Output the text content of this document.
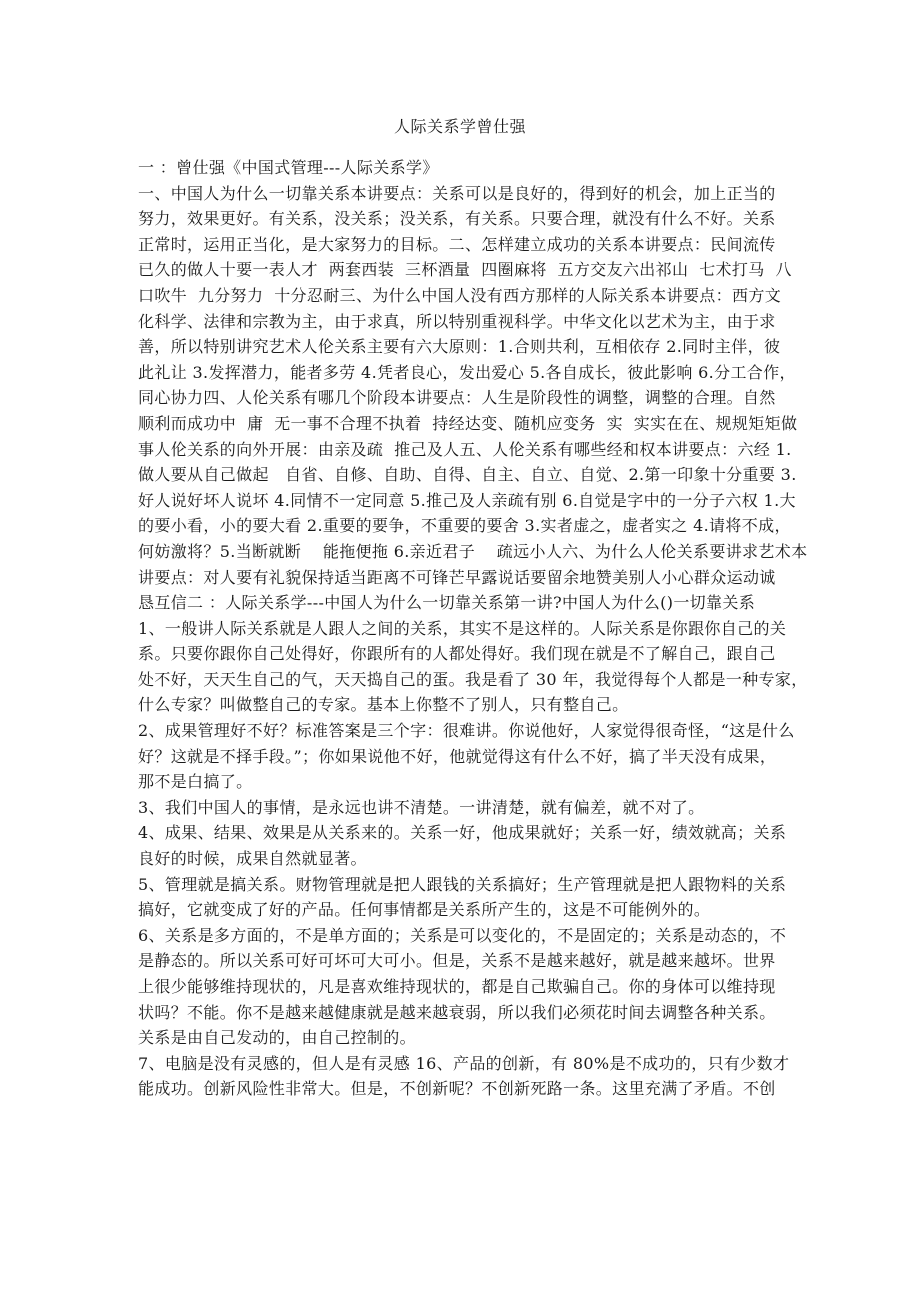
人际关系学曾仕强
一 ：曾仕强《中国式管理---人际关系学》
一、中国人为什么一切靠关系本讲要点：关系可以是良好的，得到好的机会，加上正当的
努力，效果更好。有关系，没关系；没关系，有关系。只要合理，就没有什么不好。关系
正常时，运用正当化，是大家努力的目标。二、怎样建立成功的关系本讲要点：民间流传
已久的做人十要一表人才  两套西装  三杯酒量  四圈麻将  五方交友六出祁山  七术打马  八
口吹牛  九分努力  十分忍耐三、为什么中国人没有西方那样的人际关系本讲要点：西方文
化科学、法律和宗教为主，由于求真，所以特别重视科学。中华文化以艺术为主，由于求
善，所以特别讲究艺术人伦关系主要有六大原则：1.合则共利，互相依存 2.同时主伴，彼
此礼让 3.发挥潜力，能者多劳 4.凭者良心，发出爱心 5.各自成长，彼此影响 6.分工合作，
同心协力四、人伦关系有哪几个阶段本讲要点：人生是阶段性的调整，调整的合理。自然
顺利而成功中  庸  无一事不合理不执着  持经达变、随机应变务  实  实实在在、规规矩矩做
事人伦关系的向外开展：由亲及疏  推己及人五、人伦关系有哪些经和权本讲要点：六经 1.
做人要从自己做起   自省、自修、自助、自得、自主、自立、自觉、2.第一印象十分重要 3.
好人说好坏人说坏 4.同情不一定同意 5.推己及人亲疏有别 6.自觉是字中的一分子六权 1.大
的要小看，小的要大看 2.重要的要争，不重要的要舍 3.实者虚之，虚者实之 4.请将不成，
何妨激将？5.当断就断    能拖便拖 6.亲近君子    疏远小人六、为什么人伦关系要讲求艺术本
讲要点：对人要有礼貌保持适当距离不可锋芒早露说话要留余地赞美别人小心群众运动诚
恳互信二 ：人际关系学---中国人为什么一切靠关系第一讲?中国人为什么()一切靠关系
1、一般讲人际关系就是人跟人之间的关系，其实不是这样的。人际关系是你跟你自己的关
系。只要你跟你自己处得好，你跟所有的人都处得好。我们现在就是不了解自己，跟自己
处不好，天天生自己的气，天天捣自己的蛋。我是看了 30 年，我觉得每个人都是一种专家，
什么专家？叫做整自己的专家。基本上你整不了别人，只有整自己。
2、成果管理好不好？标准答案是三个字：很难讲。你说他好，人家觉得很奇怪，“这是什么
好？这就是不择手段。”；你如果说他不好，他就觉得这有什么不好，搞了半天没有成果，
那不是白搞了。
3、我们中国人的事情，是永远也讲不清楚。一讲清楚，就有偏差，就不对了。
4、成果、结果、效果是从关系来的。关系一好，他成果就好；关系一好，绩效就高；关系
良好的时候，成果自然就显著。
5、管理就是搞关系。财物管理就是把人跟钱的关系搞好；生产管理就是把人跟物料的关系
搞好，它就变成了好的产品。任何事情都是关系所产生的，这是不可能例外的。
6、关系是多方面的，不是单方面的；关系是可以变化的，不是固定的；关系是动态的，不
是静态的。所以关系可好可坏可大可小。但是，关系不是越来越好，就是越来越坏。世界
上很少能够维持现状的，凡是喜欢维持现状的，都是自己欺骗自己。你的身体可以维持现
状吗？不能。你不是越来越健康就是越来越衰弱，所以我们必须花时间去调整各种关系。
关系是由自己发动的，由自己控制的。
7、电脑是没有灵感的，但人是有灵感 16、产品的创新，有 80%是不成功的，只有少数才
能成功。创新风险性非常大。但是，不创新呢？不创新死路一条。这里充满了矛盾。不创
